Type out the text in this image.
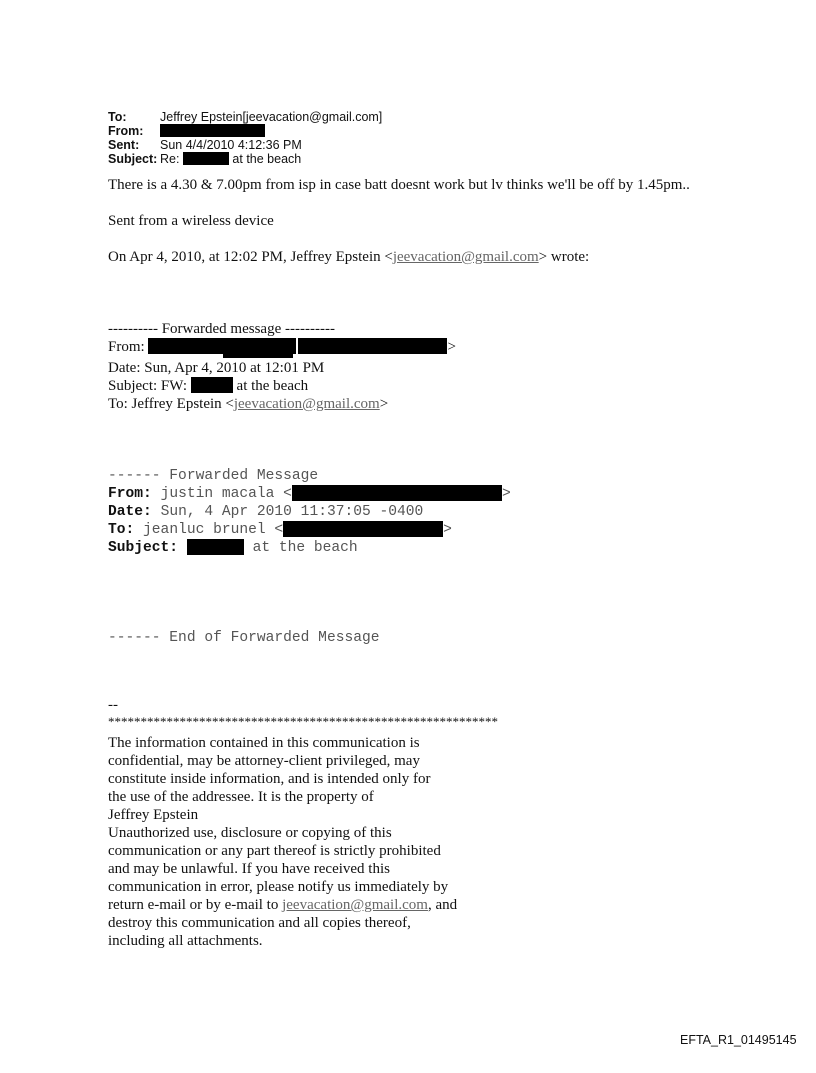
To:

	Jeffrey Epstein[jeevacation@gmail.com]

From:

Sent:

Sun 4/4/2010 4:12:36 PM

Subject:

Re:	at the beach

There is a 4.30 & 7.00pm from isp in case batt doesnt work but lv thinks we'll be off by 1.45pm..
Sent from a wireless device
On Apr 4, 2010, at 12:02 PM, Jeffrey Epstein <jeevacation@gmail.com> wrote:
---------- Forwarded message ----------
From:	>
Date: Sun, Apr 4, 2010 at 12:01 PM
Subject: FW:	at the beach
To: Jeffrey Epstein <jeevacation@gmail.com>
------ Forwarded Message
From: justin macala <	>
Date: Sun, 4 Apr 2010 11:37:05 -0400
To: jeanluc brunel <	>
Subject:	at the beach
------ End of Forwarded Message
--
************************************************************
The information contained in this communication is
confidential, may be attorney-client privileged, may
constitute inside information, and is intended only for
the use of the addressee. It is the property of
Jeffrey Epstein
Unauthorized use, disclosure or copying of this
communication or any part thereof is strictly prohibited
and may be unlawful. If you have received this
communication in error, please notify us immediately by
return e-mail or by e-mail to jeevacation@gmail.com, and
destroy this communication and all copies thereof,
including all attachments.
EFTA_R1_01495145
